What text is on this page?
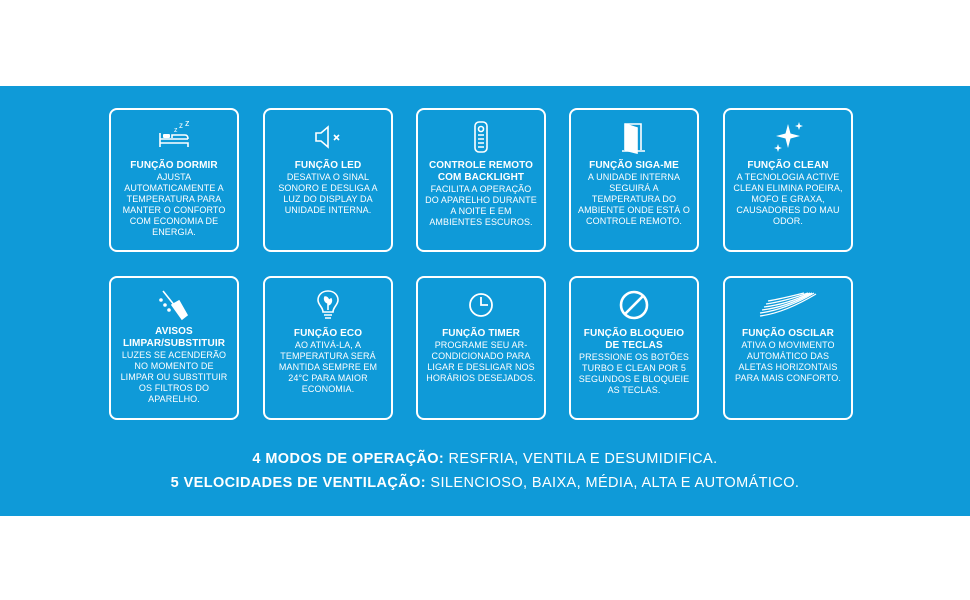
z
z z
FUNÇÃO DORMIR
AJUSTA AUTOMATICAMENTE A TEMPERATURA PARA MANTER O CONFORTO COM ECONOMIA DE ENERGIA.
FUNÇÃO LED
DESATIVA O SINAL SONORO E DESLIGA A LUZ DO DISPLAY DA UNIDADE INTERNA.
CONTROLE REMOTO COM BACKLIGHT
FACILITA A OPERAÇÃO DO APARELHO DURANTE A NOITE E EM AMBIENTES ESCUROS.
FUNÇÃO SIGA-ME
A UNIDADE INTERNA SEGUIRÁ A TEMPERATURA DO AMBIENTE ONDE ESTÁ O CONTROLE REMOTO.
FUNÇÃO CLEAN
A TECNOLOGIA ACTIVE CLEAN ELIMINA POEIRA, MOFO E GRAXA, CAUSADORES DO MAU ODOR.
AVISOS LIMPAR/SUBSTITUIR
LUZES SE ACENDERÃO NO MOMENTO DE LIMPAR OU SUBSTITUIR OS FILTROS DO APARELHO.
FUNÇÃO ECO
AO ATIVÁ-LA, A TEMPERATURA SERÁ MANTIDA SEMPRE EM 24°C PARA MAIOR ECONOMIA.
FUNÇÃO TIMER
PROGRAME SEU AR-CONDICIONADO PARA LIGAR E DESLIGAR NOS HORÁRIOS DESEJADOS.
FUNÇÃO BLOQUEIO DE TECLAS
PRESSIONE OS BOTÕES TURBO E CLEAN POR 5 SEGUNDOS E BLOQUEIE AS TECLAS.
FUNÇÃO OSCILAR
ATIVA O MOVIMENTO AUTOMÁTICO DAS ALETAS HORIZONTAIS PARA MAIS CONFORTO.
4 MODOS DE OPERAÇÃO: RESFRIA, VENTILA E DESUMIDIFICA.
5 VELOCIDADES DE VENTILAÇÃO: SILENCIOSO, BAIXA, MÉDIA, ALTA E AUTOMÁTICO.
